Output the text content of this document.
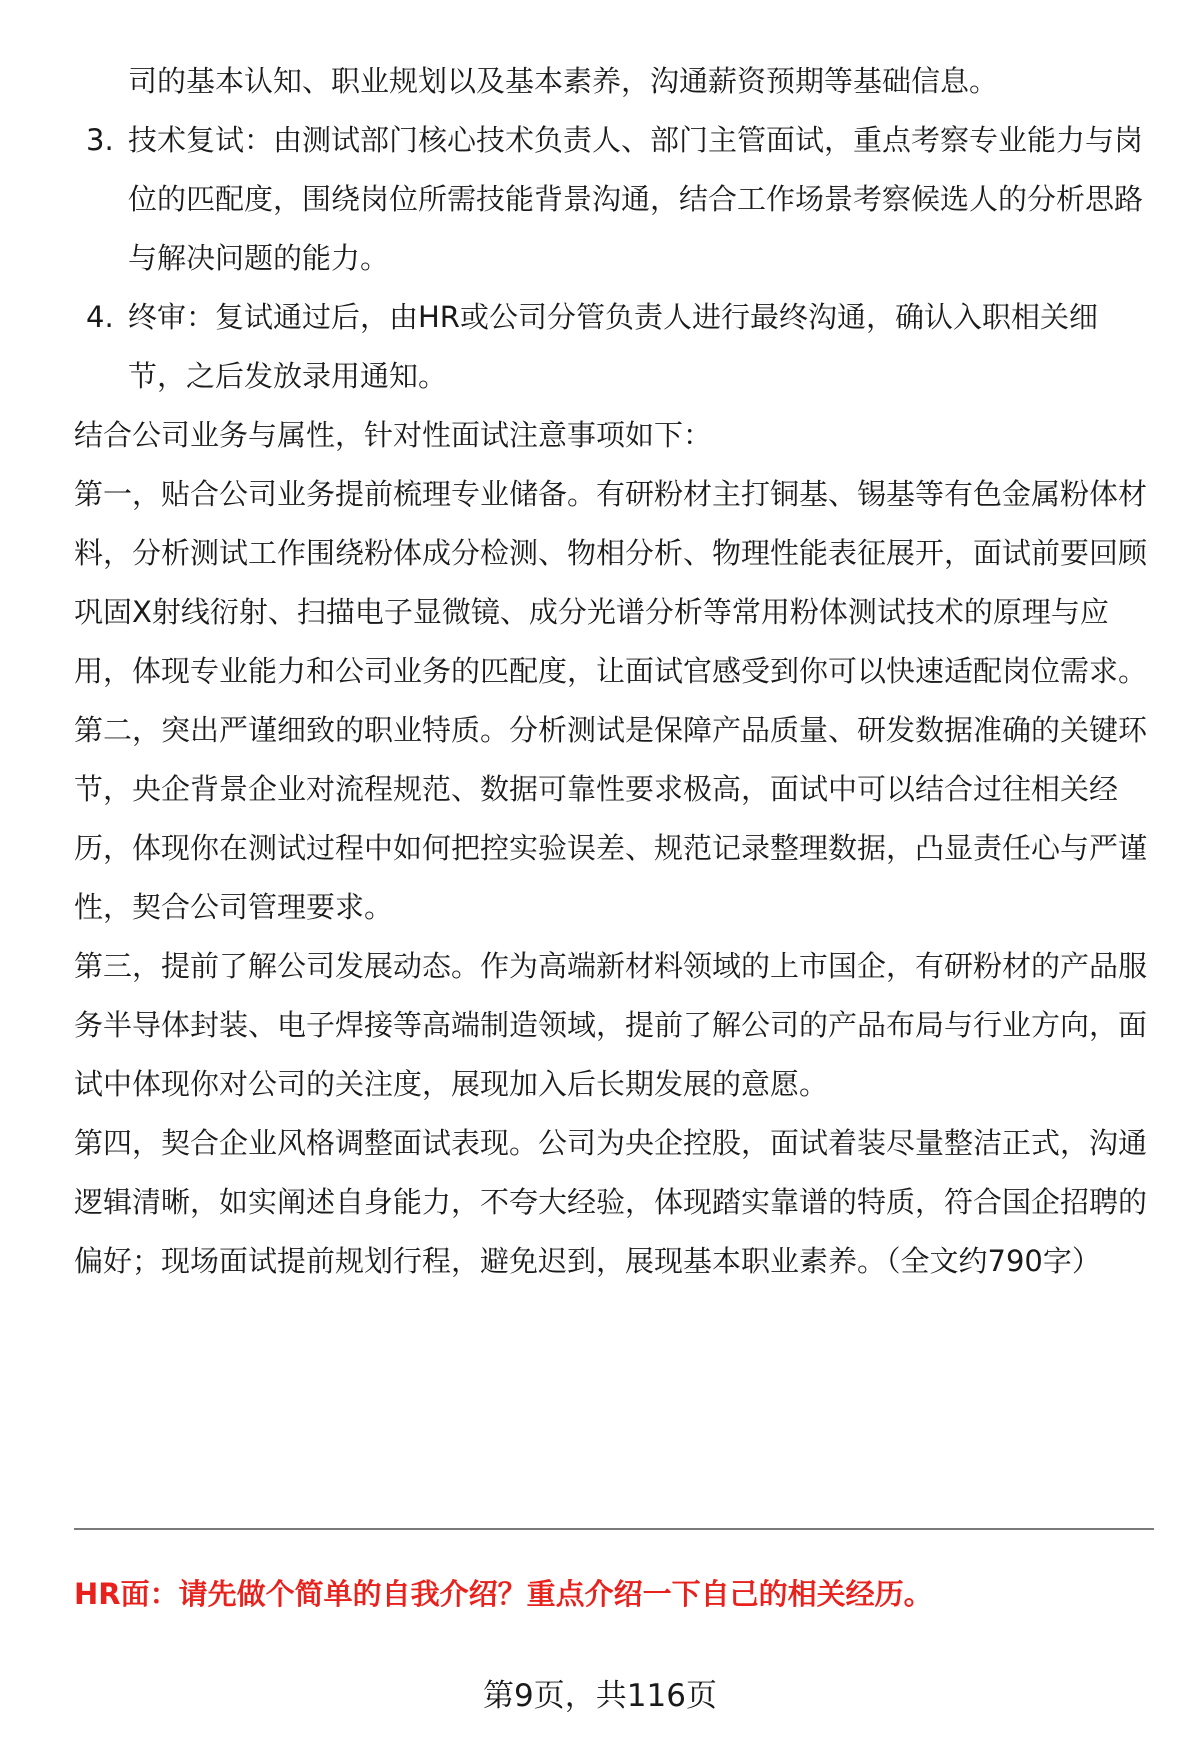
司的基本认知、职业规划以及基本素养，沟通薪资预期等基础信息。
3. 技术复试：由测试部门核心技术负责人、部门主管面试，重点考察专业能力与岗位的匹配度，围绕岗位所需技能背景沟通，结合工作场景考察候选人的分析思路与解决问题的能力。
4. 终审：复试通过后，由HR或公司分管负责人进行最终沟通，确认入职相关细节，之后发放录用通知。

结合公司业务与属性，针对性面试注意事项如下：

第一，贴合公司业务提前梳理专业储备。有研粉材主打铜基、锡基等有色金属粉体材料，分析测试工作围绕粉体成分检测、物相分析、物理性能表征展开，面试前要回顾巩固X射线衍射、扫描电子显微镜、成分光谱分析等常用粉体测试技术的原理与应用，体现专业能力和公司业务的匹配度，让面试官感受到你可以快速适配岗位需求。

第二，突出严谨细致的职业特质。分析测试是保障产品质量、研发数据准确的关键环节，央企背景企业对流程规范、数据可靠性要求极高，面试中可以结合过往相关经历，体现你在测试过程中如何把控实验误差、规范记录整理数据，凸显责任心与严谨性，契合公司管理要求。

第三，提前了解公司发展动态。作为高端新材料领域的上市国企，有研粉材的产品服务半导体封装、电子焊接等高端制造领域，提前了解公司的产品布局与行业方向，面试中体现你对公司的关注度，展现加入后长期发展的意愿。

第四，契合企业风格调整面试表现。公司为央企控股，面试着装尽量整洁正式，沟通逻辑清晰，如实阐述自身能力，不夸大经验，体现踏实靠谱的特质，符合国企招聘的偏好；现场面试提前规划行程，避免迟到，展现基本职业素养。（全文约790字）

HR面：请先做个简单的自我介绍？重点介绍一下自己的相关经历。
第9页，共116页
